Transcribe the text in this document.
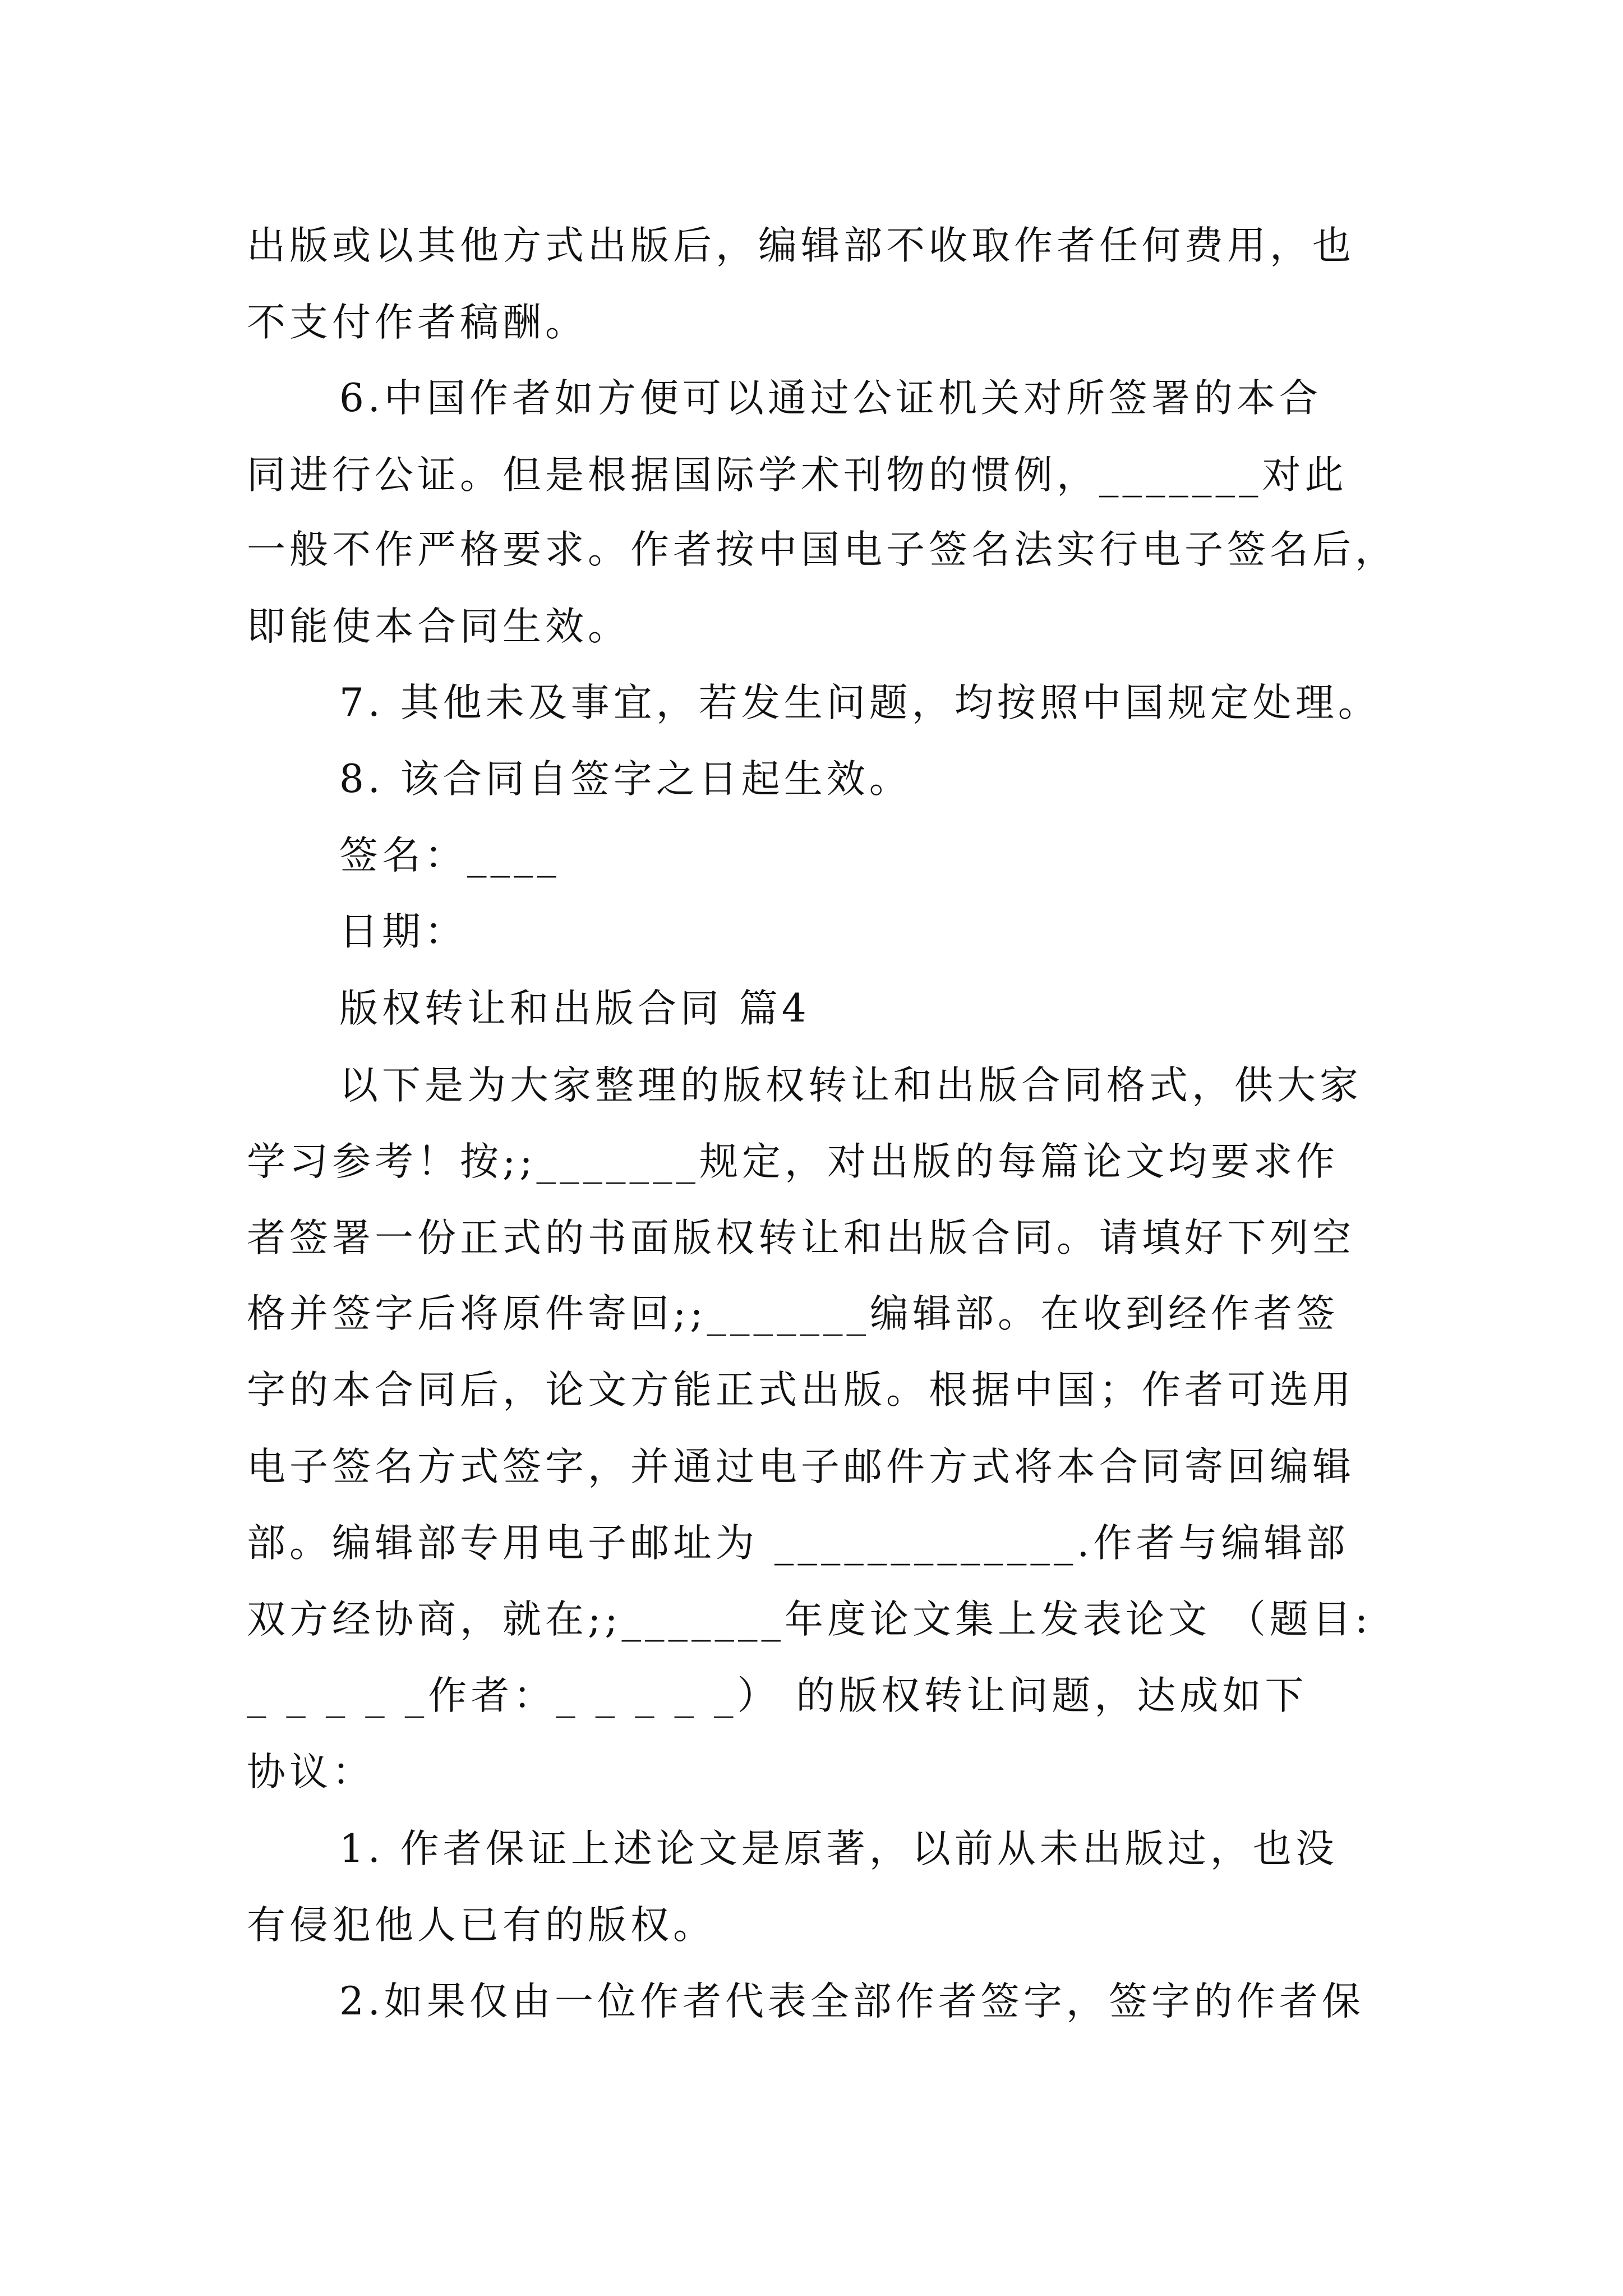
出版或以其他方式出版后，编辑部不收取作者任何费用，也
不支付作者稿酬。
6.中国作者如方便可以通过公证机关对所签署的本合
同进行公证。但是根据国际学术刊物的惯例，_______对此
一般不作严格要求。作者按中国电子签名法实行电子签名后，
即能使本合同生效。
7. 其他未及事宜，若发生问题，均按照中国规定处理。
8. 该合同自签字之日起生效。
签名：____
日期：
版权转让和出版合同 篇4
以下是为大家整理的版权转让和出版合同格式，供大家
学习参考！按;;_______规定，对出版的每篇论文均要求作
者签署一份正式的书面版权转让和出版合同。请填好下列空
格并签字后将原件寄回;;_______编辑部。在收到经作者签
字的本合同后，论文方能正式出版。根据中国；作者可选用
电子签名方式签字，并通过电子邮件方式将本合同寄回编辑
部。编辑部专用电子邮址为 _____________.作者与编辑部
双方经协商，就在;;_______年度论文集上发表论文 （题目:
_ _ _ _ _作者：_ _ _ _ _） 的版权转让问题，达成如下
协议：
1. 作者保证上述论文是原著，以前从未出版过，也没
有侵犯他人已有的版权。
2.如果仅由一位作者代表全部作者签字，签字的作者保
